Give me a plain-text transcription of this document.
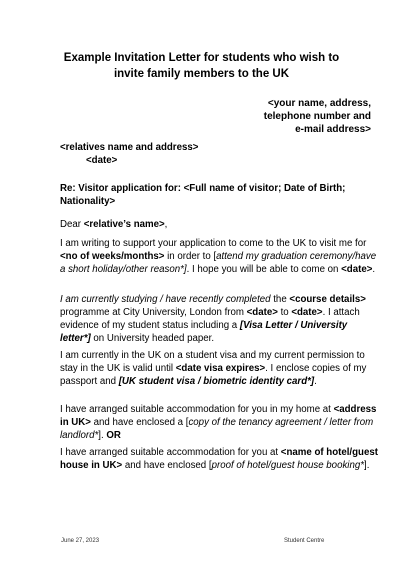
Example Invitation Letter for students who wish to
invite family members to the UK
<your name, address,
telephone number and
e-mail address>
<relatives name and address>
<date>

Re: Visitor application for: <Full name of visitor; Date of Birth; Nationality>

Dear <relative’s name>,

I am writing to support your application to come to the UK to visit me for <no of weeks/months> in order to [attend my graduation ceremony/have a short holiday/other reason*]. I hope you will be able to come on <date>.

I am currently studying / have recently completed the <course details> programme at City University, London from <date> to <date>. I attach evidence of my student status including a [Visa Letter / University letter*] on University headed paper.

I am currently in the UK on a student visa and my current permission to stay in the UK is valid until <date visa expires>. I enclose copies of my passport and [UK student visa / biometric identity card*].

I have arranged suitable accommodation for you in my home at <address in UK> and have enclosed a [copy of the tenancy agreement / letter from landlord*]. OR

I have arranged suitable accommodation for you at <name of hotel/guest house in UK> and have enclosed [proof of hotel/guest house booking*].

June 27, 2023	Student Centre
